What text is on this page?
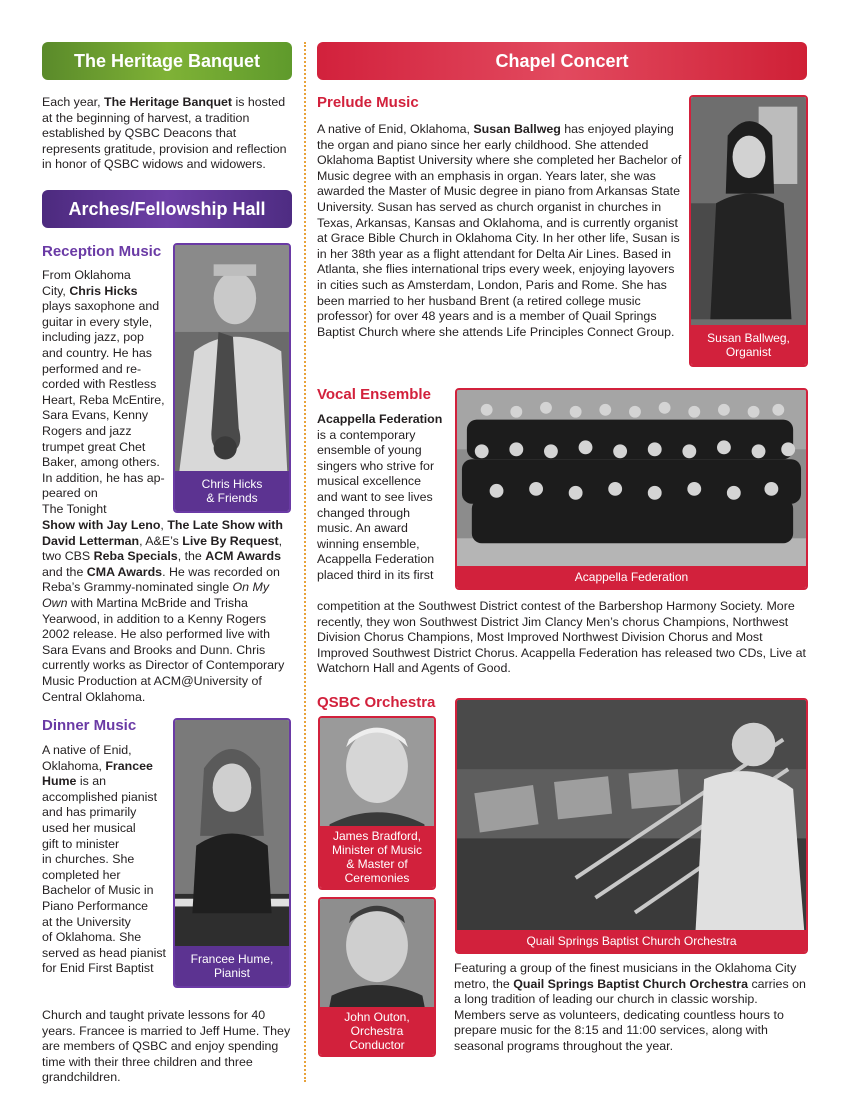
The Heritage Banquet
Each year, The Heritage Banquet is hosted at the beginning of harvest, a tradition established by QSBC Deacons that represents gratitude, provision and reflection in honor of QSBC widows and widowers.
Arches/Fellowship Hall
Reception Music
Chris Hicks
& Friends

From Oklahoma

City, Chris Hicks

plays saxophone and

guitar in every style,

including jazz, pop

and country. He has

performed and re-

corded with Restless

Heart, Reba McEntire,

Sara Evans, Kenny

Rogers and jazz

trumpet great Chet

Baker, among others.

In addition, he has ap-

peared on

The Tonight

Show with Jay Leno, The Late Show with David Letterman, A&E’s Live By Request, two CBS Reba Specials, the ACM Awards and the CMA Awards. He was recorded on Reba’s Grammy-nominated single On My Own with Martina McBride and Trisha Yearwood, in addition to a Kenny Rogers 2002 release. He also performed live with Sara Evans and Brooks and Dunn. Chris currently works as Director of Contemporary Music Production at ACM@University of Central Oklahoma.
Dinner Music
Francee Hume,
Pianist

A native of Enid,

Oklahoma, Francee

Hume is an

accomplished pianist

and has primarily

used her musical

gift to minister

in churches. She

completed her

Bachelor of Music in

Piano Performance

at the University

of Oklahoma. She

served as head pianist

for Enid First Baptist

Church and taught private lessons for 40 years. Francee is married to Jeff Hume. They are members of QSBC and enjoy spending time with their three children and three grandchildren.
Chapel Concert
Prelude Music
A native of Enid, Oklahoma, Susan Ballweg has enjoyed playing the organ and piano since her early childhood. She attended Oklahoma Baptist University where she completed her Bachelor of Music degree with an emphasis in organ. Years later, she was awarded the Master of Music degree in piano from Arkansas State University. Susan has served as church organist in churches in Texas, Arkansas, Kansas and Oklahoma, and is currently organist at Grace Bible Church in Oklahoma City. In her other life, Susan is in her 38th year as a flight attendant for Delta Air Lines. Based in Atlanta, she flies international trips every week, enjoying layovers in cities such as Amsterdam, London, Paris and Rome. She has been married to her husband Brent (a retired college music professor) for over 48 years and is a member of Quail Springs Baptist Church where she attends Life Principles Connect Group.	Susan Ballweg,
Organist
Vocal Ensemble
Acappella Federation

Acappella Federation

is a contemporary

ensemble of young

singers who strive for

musical excellence

and want to see lives

changed through

music. An award

winning ensemble,

Acappella Federation

placed third in its first

competition at the Southwest District contest of the Barbershop Harmony Society. More recently, they won Southwest District Jim Clancy Men’s chorus Champions, Northwest Division Chorus Champions, Most Improved Northwest Division Chorus and Most Improved Southwest District Chorus. Acappella Federation has released two CDs, Live at Watchorn Hall and Agents of Good.
QSBC Orchestra
James Bradford,
Minister of Music
& Master of
Ceremonies
John Outon,
Orchestra
Conductor
Quail Springs Baptist Church Orchestra
Featuring a group of the finest musicians in the Oklahoma City metro, the Quail Springs Baptist Church Orchestra carries on a long tradition of leading our church in classic worship. Members serve as volunteers, dedicating countless hours to prepare music for the 8:15 and 11:00 services, along with seasonal programs throughout the year.
